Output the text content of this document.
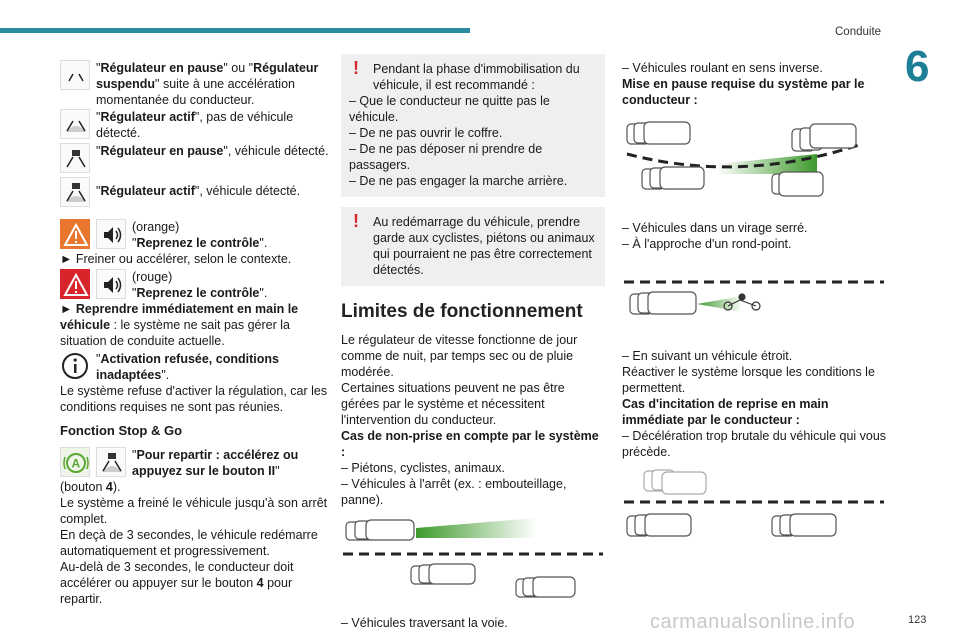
Conduite
6
123
carmanualsonline.info

"Régulateur en pause" ou "Régulateur suspendu" suite à une accélération momentanée du conducteur.

"Régulateur actif", pas de véhicule détecté.

"Régulateur en pause", véhicule détecté.

"Régulateur actif", véhicule détecté.

(orange)
"Reprenez le contrôle".

► Freiner ou accélérer, selon le contexte.

(rouge)
"Reprenez le contrôle".

► Reprendre immédiatement en main le véhicule : le système ne sait pas gérer la situation de conduite actuelle.

"Activation refusée, conditions inadaptées".

Le système refuse d'activer la régulation, car les conditions requises ne sont pas réunies.

Fonction Stop & Go
A

"Pour repartir : accélérez ou appuyez sur le bouton II"

(bouton 4).

Le système a freiné le véhicule jusqu'à son arrêt complet.

En deçà de 3 secondes, le véhicule redémarre automatiquement et progressivement.

Au-delà de 3 secondes, le conducteur doit accélérer ou appuyer sur le bouton 4 pour repartir.

!	Pendant la phase d'immobilisation du véhicule, il est recommandé :

– Que le conducteur ne quitte pas le véhicule.

– De ne pas ouvrir le coffre.

– De ne pas déposer ni prendre de passagers.

– De ne pas engager la marche arrière.

!	Au redémarrage du véhicule, prendre garde aux cyclistes, piétons ou animaux qui pourraient ne pas être correctement détectés.

Limites de fonctionnement

Le régulateur de vitesse fonctionne de jour comme de nuit, par temps sec ou de pluie modérée.

Certaines situations peuvent ne pas être gérées par le système et nécessitent l'intervention du conducteur.

Cas de non-prise en compte par le système :

– Piétons, cyclistes, animaux.

– Véhicules à l'arrêt (ex. : embouteillage, panne).

– Véhicules traversant la voie.

– Véhicules roulant en sens inverse.

Mise en pause requise du système par le conducteur :

– Véhicules dans un virage serré.

– À l'approche d'un rond-point.

– En suivant un véhicule étroit.

Réactiver le système lorsque les conditions le permettent.

Cas d'incitation de reprise en main immédiate par le conducteur :

– Décélération trop brutale du véhicule qui vous précède.
